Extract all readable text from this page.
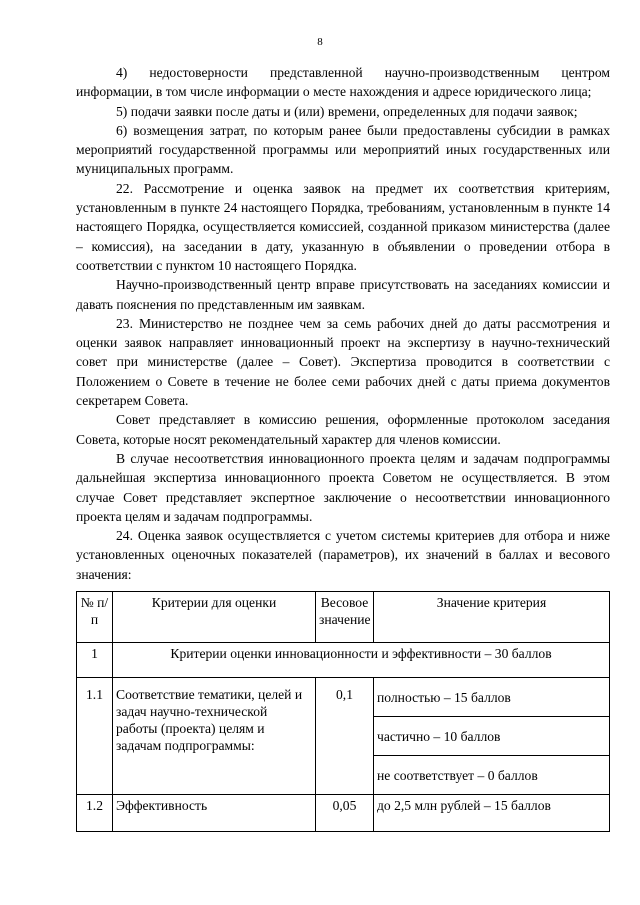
8

4) недостоверности представленной научно-производственным центром информации, в том числе информации о месте нахождения и адресе юридического лица;

5) подачи заявки после даты и (или) времени, определенных для подачи заявок;

6) возмещения затрат, по которым ранее были предоставлены субсидии в рамках мероприятий государственной программы или мероприятий иных государственных или муниципальных программ.

22. Рассмотрение и оценка заявок на предмет их соответствия критериям, установленным в пункте 24 настоящего Порядка, требованиям, установленным в пункте 14 настоящего Порядка, осуществляется комиссией, созданной приказом министерства (далее – комиссия), на заседании в дату, указанную в объявлении о проведении отбора в соответствии с пунктом 10 настоящего Порядка.

Научно-производственный центр вправе присутствовать на заседаниях комиссии и давать пояснения по представленным им заявкам.

23. Министерство не позднее чем за семь рабочих дней до даты рассмотрения и оценки заявок направляет инновационный проект на экспертизу в научно-технический совет при министерстве (далее – Совет). Экспертиза проводится в соответствии с Положением о Совете в течение не более семи рабочих дней с даты приема документов секретарем Совета.

Совет представляет в комиссию решения, оформленные протоколом заседания Совета, которые носят рекомендательный характер для членов комиссии.

В случае несоответствия инновационного проекта целям и задачам подпрограммы дальнейшая экспертиза инновационного проекта Советом не осуществляется. В этом случае Совет представляет экспертное заключение о несоответствии инновационного проекта целям и задачам подпрограммы.

24. Оценка заявок осуществляется с учетом системы критериев для отбора и ниже установленных оценочных показателей (параметров), их значений в баллах и весового значения:

№ п/п	Критерии для оценки	Весовое значение	Значение критерия
1	Критерии оценки инновационности и эффективности – 30 баллов		
1.1	Соответствие тематики, целей и задач научно-технической работы (проекта) целям и задачам подпрограммы:	0,1	полностью – 15 баллов
			частично – 10 баллов
			не соответствует – 0 баллов
1.2	Эффективность	0,05	до 2,5 млн рублей – 15 баллов
